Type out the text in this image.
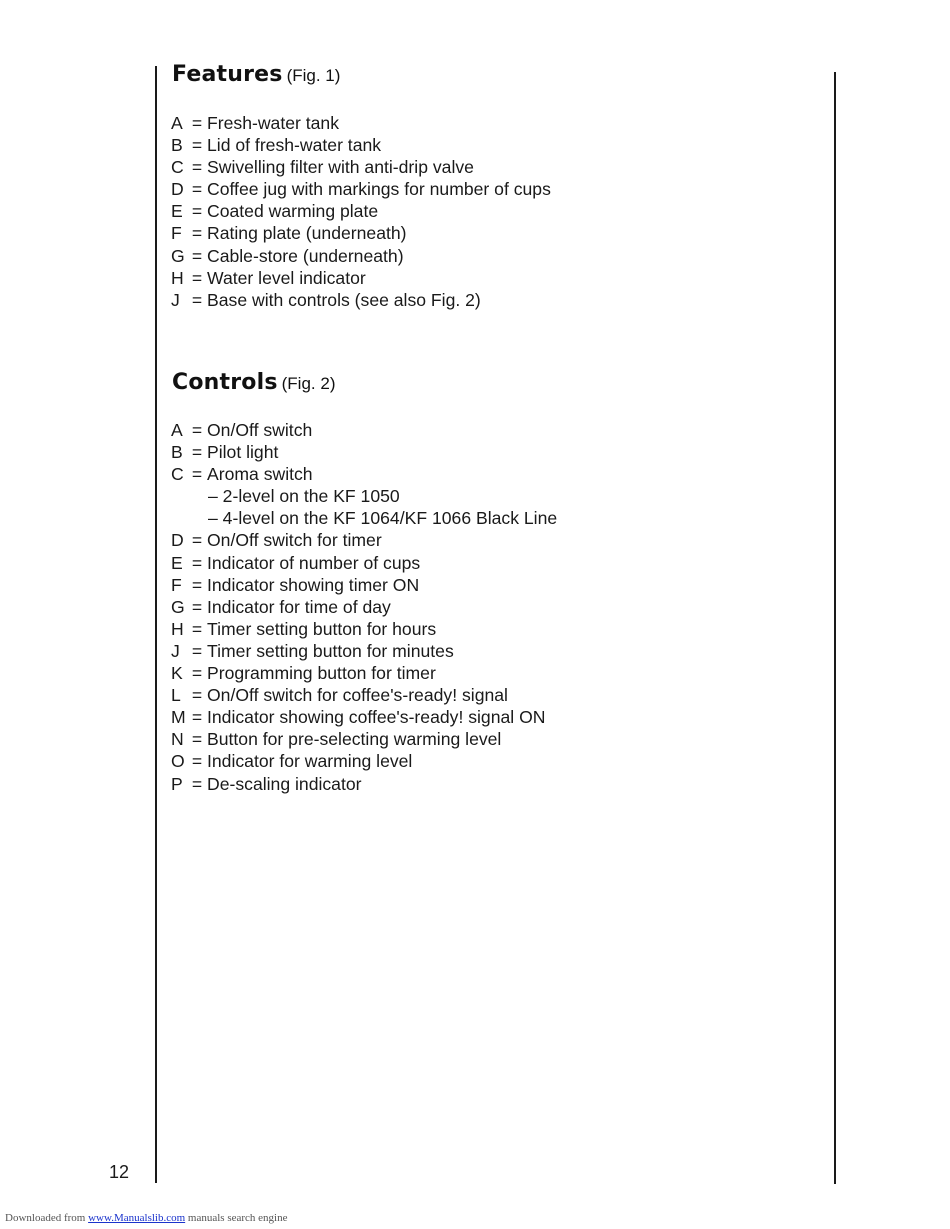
Features (Fig. 1)
A = Fresh-water tank
B = Lid of fresh-water tank
C = Swivelling filter with anti-drip valve
D = Coffee jug with markings for number of cups
E = Coated warming plate
F = Rating plate (underneath)
G = Cable-store (underneath)
H = Water level indicator
J = Base with controls (see also Fig. 2)
Controls (Fig. 2)
A = On/Off switch
B = Pilot light
C = Aroma switch
– 2-level on the KF 1050
– 4-level on the KF 1064/KF 1066 Black Line
D = On/Off switch for timer
E = Indicator of number of cups
F = Indicator showing timer ON
G = Indicator for time of day
H = Timer setting button for hours
J = Timer setting button for minutes
K = Programming button for timer
L = On/Off switch for coffee's-ready! signal
M = Indicator showing coffee's-ready! signal ON
N = Button for pre-selecting warming level
O = Indicator for warming level
P = De-scaling indicator
12
Downloaded from www.Manualslib.com manuals search engine
